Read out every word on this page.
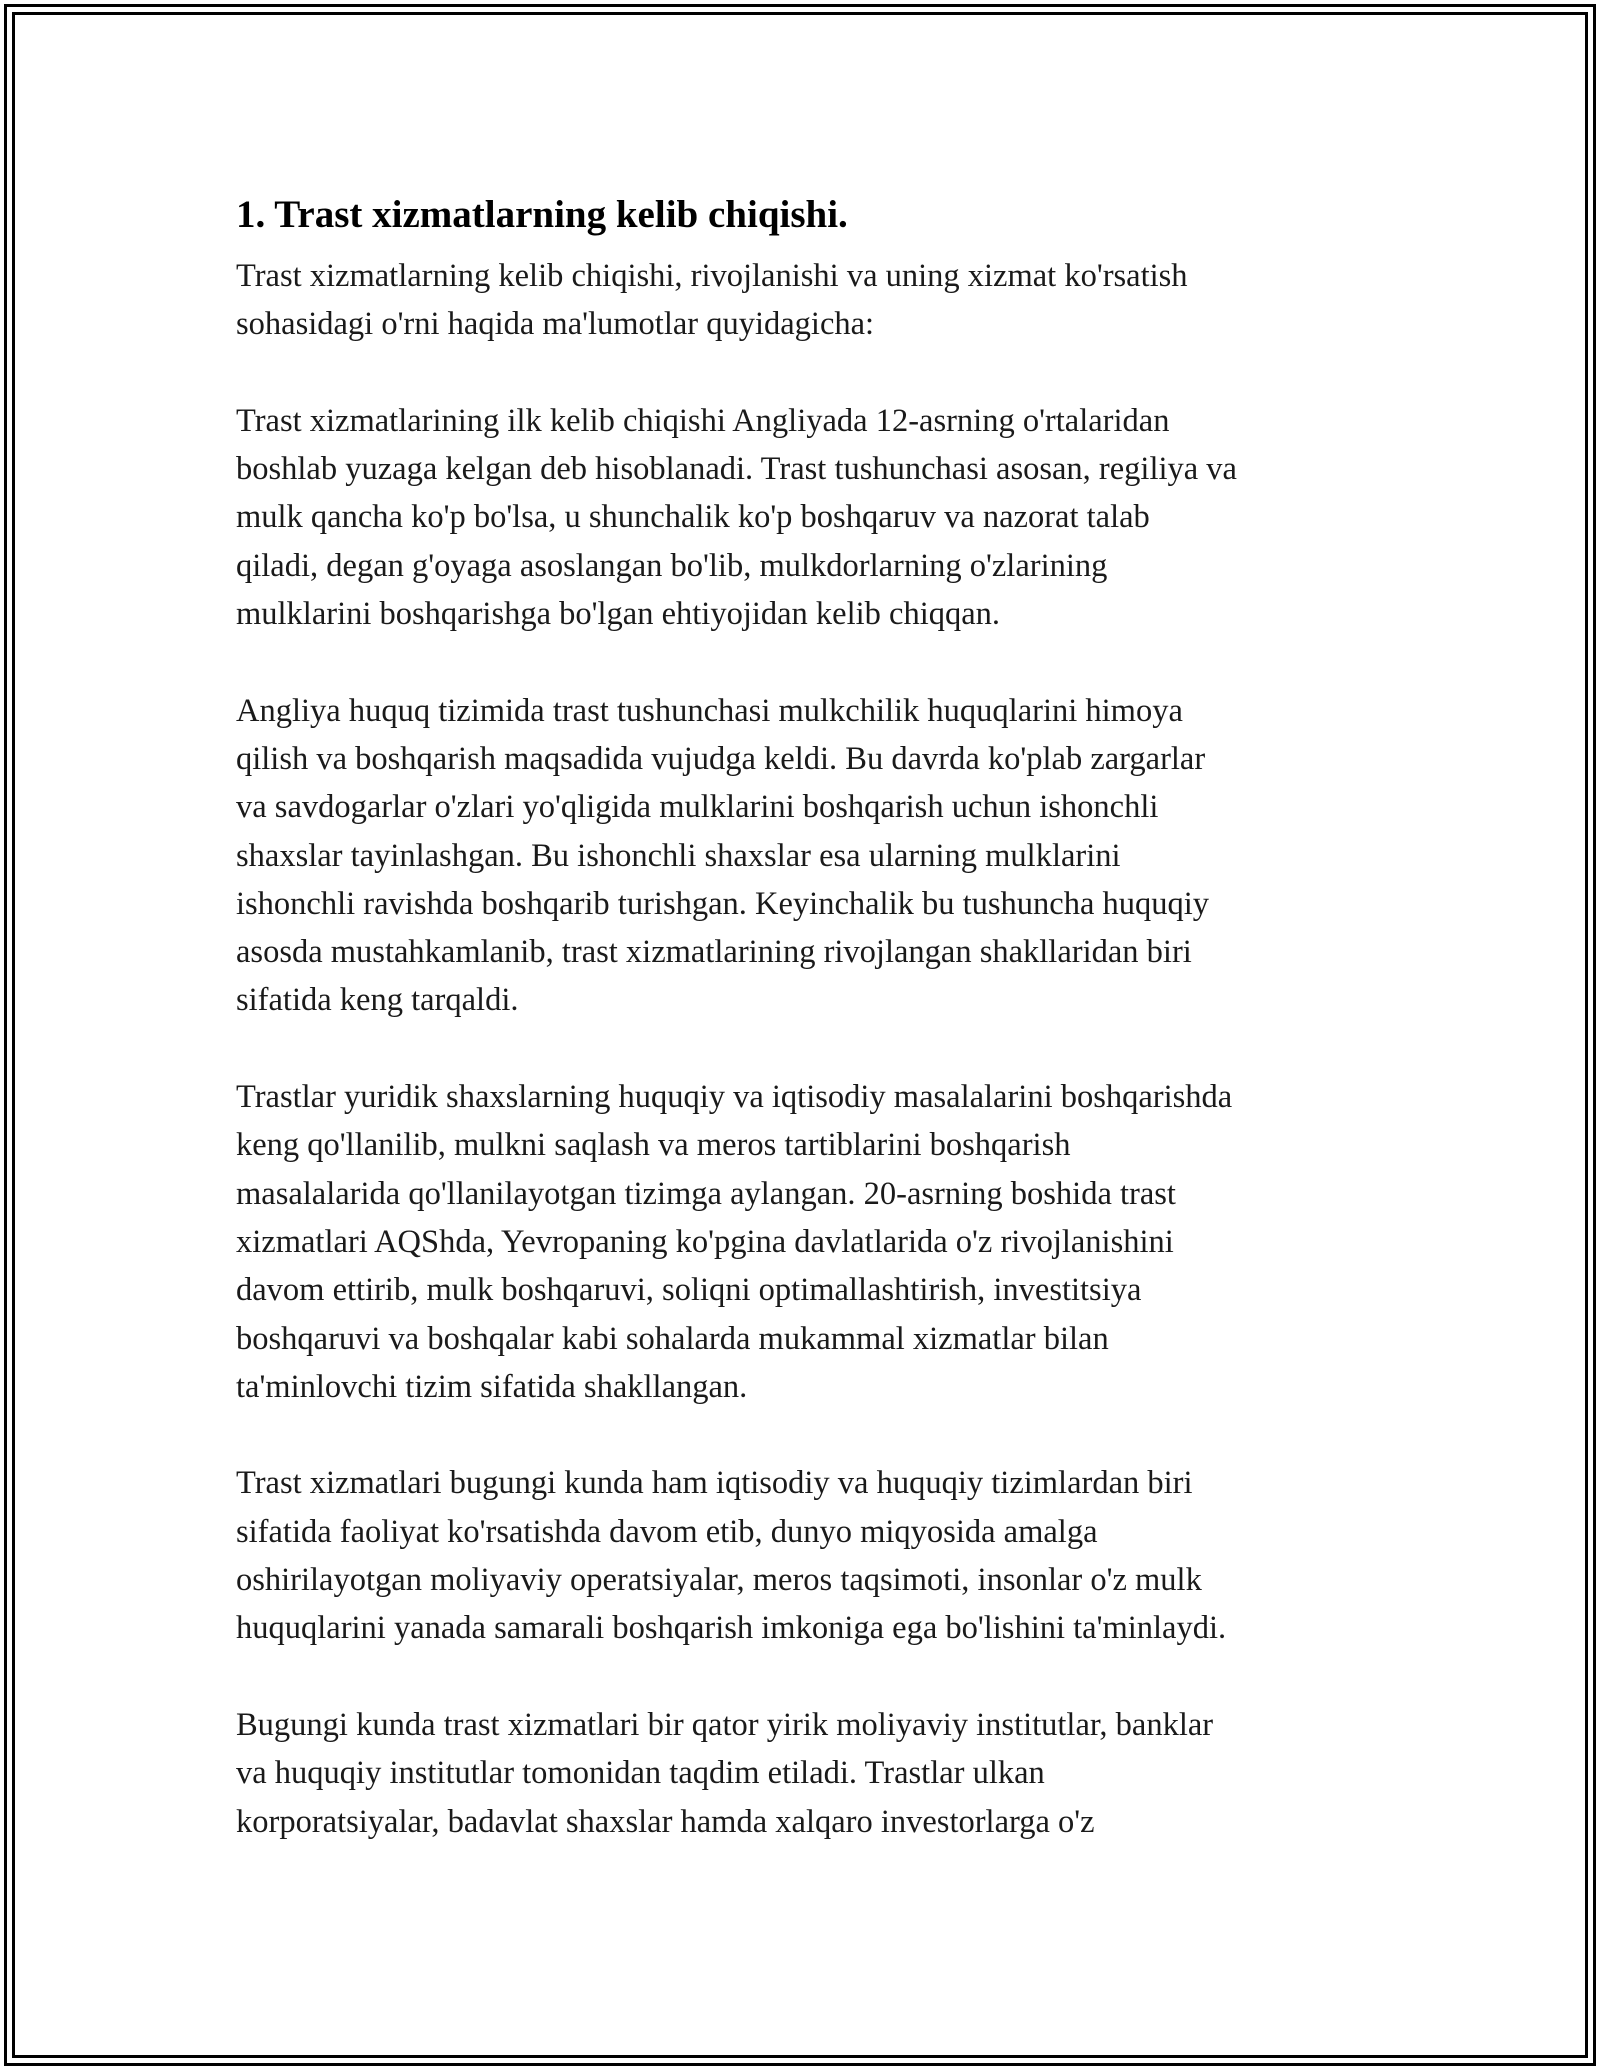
1. Trast xizmatlarning kelib chiqishi.

Trast xizmatlarning kelib chiqishi, rivojlanishi va uning xizmat ko'rsatish
sohasidagi o'rni haqida ma'lumotlar quyidagicha:

Trast xizmatlarining ilk kelib chiqishi Angliyada 12-asrning o'rtalaridan
boshlab yuzaga kelgan deb hisoblanadi. Trast tushunchasi asosan, regiliya va
mulk qancha ko'p bo'lsa, u shunchalik ko'p boshqaruv va nazorat talab
qiladi, degan g'oyaga asoslangan bo'lib, mulkdorlarning o'zlarining
mulklarini boshqarishga bo'lgan ehtiyojidan kelib chiqqan.

Angliya huquq tizimida trast tushunchasi mulkchilik huquqlarini himoya
qilish va boshqarish maqsadida vujudga keldi. Bu davrda ko'plab zargarlar
va savdogarlar o'zlari yo'qligida mulklarini boshqarish uchun ishonchli
shaxslar tayinlashgan. Bu ishonchli shaxslar esa ularning mulklarini
ishonchli ravishda boshqarib turishgan. Keyinchalik bu tushuncha huquqiy
asosda mustahkamlanib, trast xizmatlarining rivojlangan shakllaridan biri
sifatida keng tarqaldi.

Trastlar yuridik shaxslarning huquqiy va iqtisodiy masalalarini boshqarishda
keng qo'llanilib, mulkni saqlash va meros tartiblarini boshqarish
masalalarida qo'llanilayotgan tizimga aylangan. 20-asrning boshida trast
xizmatlari AQShda, Yevropaning ko'pgina davlatlarida o'z rivojlanishini
davom ettirib, mulk boshqaruvi, soliqni optimallashtirish, investitsiya
boshqaruvi va boshqalar kabi sohalarda mukammal xizmatlar bilan
ta'minlovchi tizim sifatida shakllangan.

Trast xizmatlari bugungi kunda ham iqtisodiy va huquqiy tizimlardan biri
sifatida faoliyat ko'rsatishda davom etib, dunyo miqyosida amalga
oshirilayotgan moliyaviy operatsiyalar, meros taqsimoti, insonlar o'z mulk
huquqlarini yanada samarali boshqarish imkoniga ega bo'lishini ta'minlaydi.

Bugungi kunda trast xizmatlari bir qator yirik moliyaviy institutlar, banklar
va huquqiy institutlar tomonidan taqdim etiladi. Trastlar ulkan
korporatsiyalar, badavlat shaxslar hamda xalqaro investorlarga o'z
